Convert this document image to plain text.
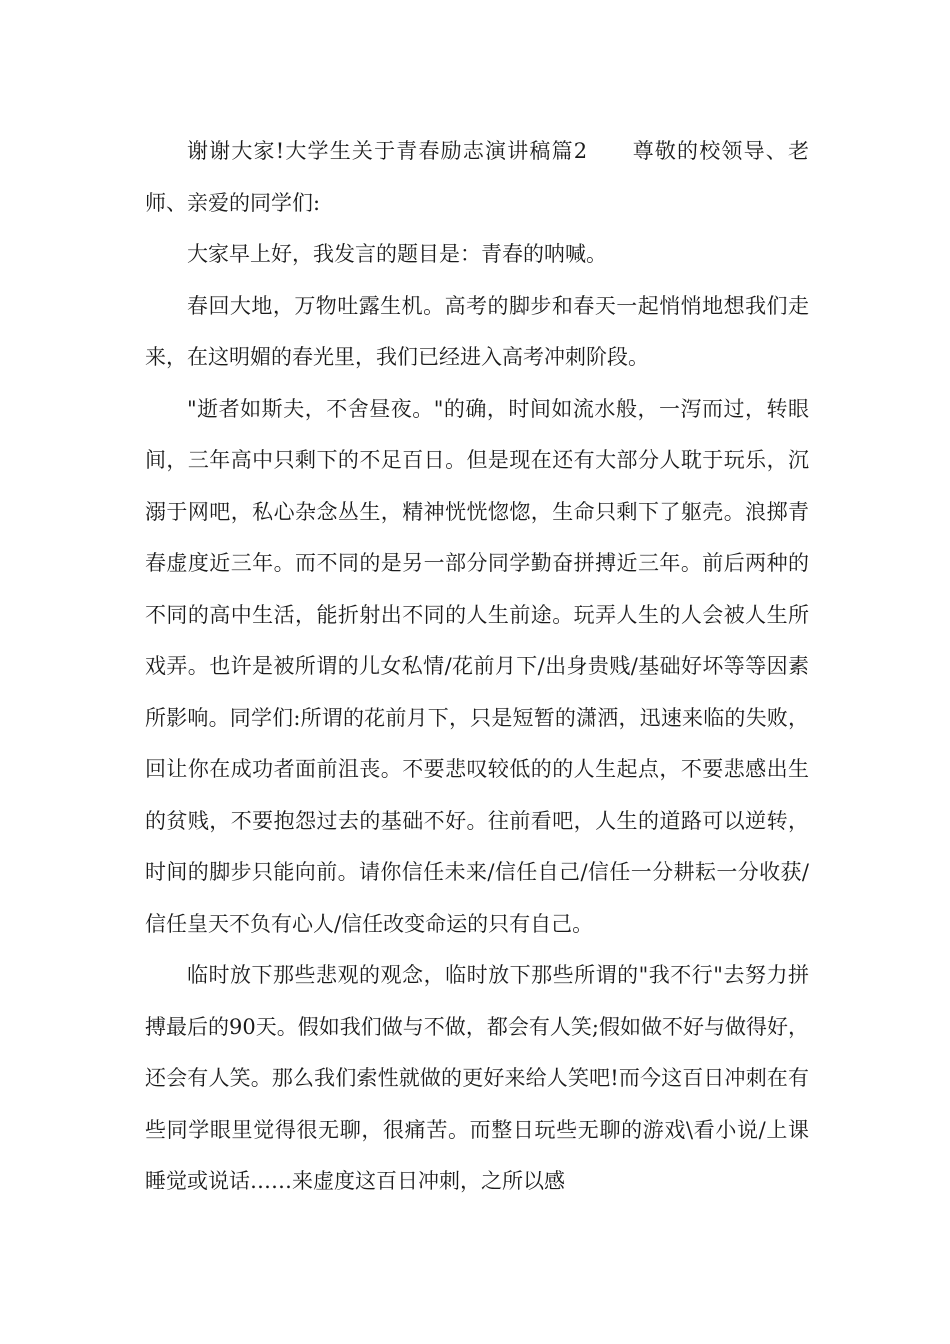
谢谢大家!大学生关于青春励志演讲稿篇2　　尊敬的校领导、老师、亲爱的同学们:

大家早上好，我发言的题目是：青春的呐喊。

春回大地，万物吐露生机。高考的脚步和春天一起悄悄地想我们走来，在这明媚的春光里，我们已经进入高考冲刺阶段。

"逝者如斯夫，不舍昼夜。"的确，时间如流水般，一泻而过，转眼间，三年高中只剩下的不足百日。但是现在还有大部分人耽于玩乐，沉溺于网吧，私心杂念丛生，精神恍恍惚惚，生命只剩下了躯壳。浪掷青春虚度近三年。而不同的是另一部分同学勤奋拼搏近三年。前后两种的不同的高中生活，能折射出不同的人生前途。玩弄人生的人会被人生所戏弄。也许是被所谓的儿女私情/花前月下/出身贵贱/基础好坏等等因素所影响。同学们:所谓的花前月下，只是短暂的潇洒，迅速来临的失败，回让你在成功者面前沮丧。不要悲叹较低的的人生起点，不要悲感出生的贫贱，不要抱怨过去的基础不好。往前看吧，人生的道路可以逆转，时间的脚步只能向前。请你信任未来/信任自己/信任一分耕耘一分收获/信任皇天不负有心人/信任改变命运的只有自己。

临时放下那些悲观的观念，临时放下那些所谓的"我不行"去努力拼搏最后的90天。假如我们做与不做，都会有人笑;假如做不好与做得好，还会有人笑。那么我们索性就做的更好来给人笑吧!而今这百日冲刺在有些同学眼里觉得很无聊，很痛苦。而整日玩些无聊的游戏\看小说/上课睡觉或说话……来虚度这百日冲刺，之所以感
